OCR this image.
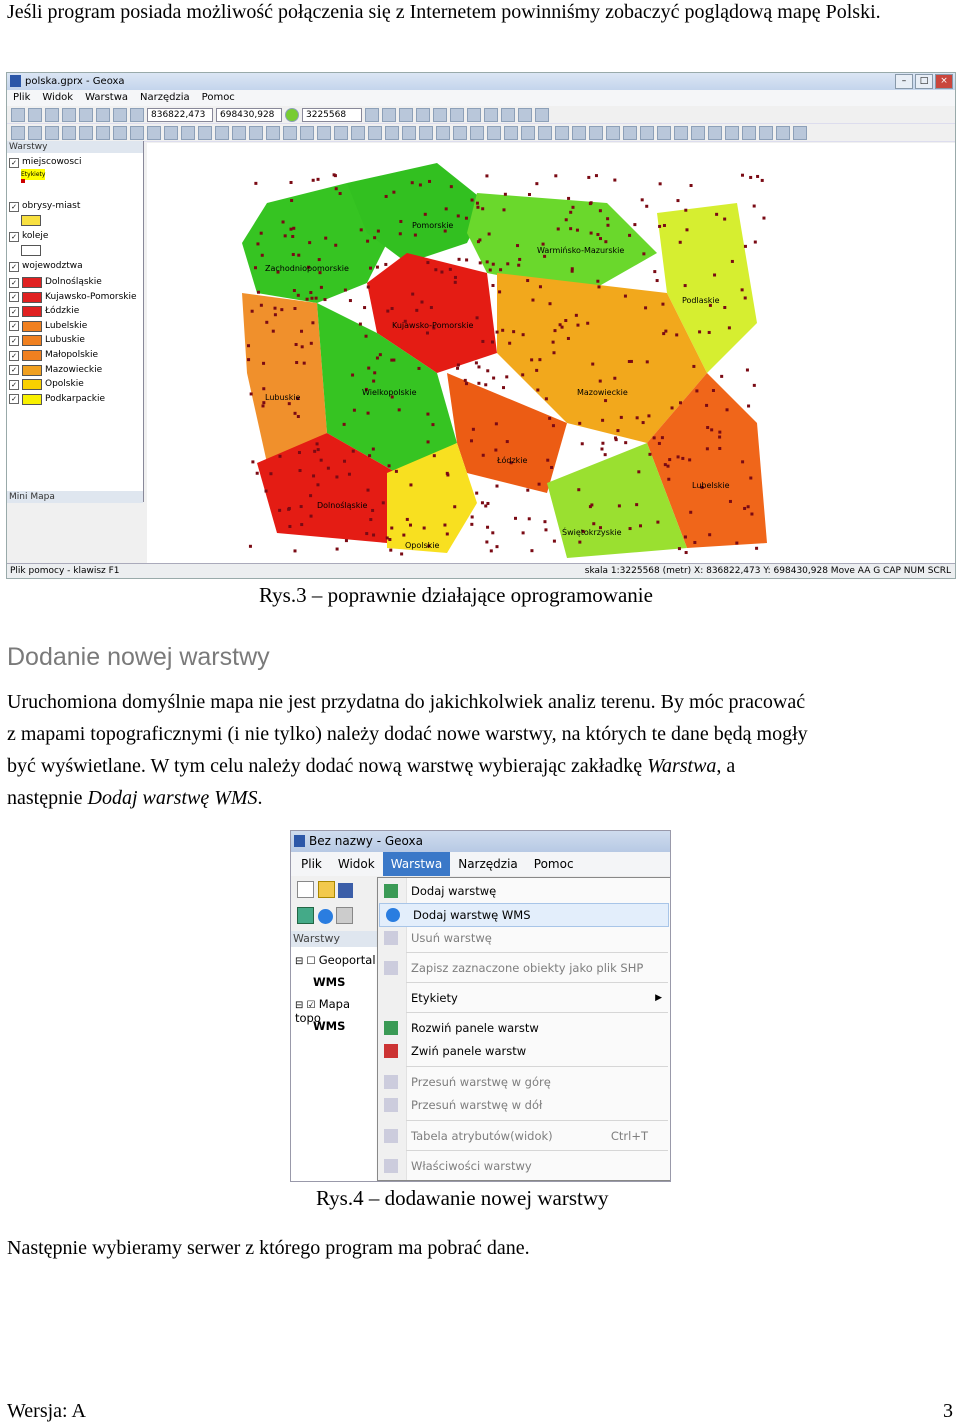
Jeśli program posiada możliwość połączenia się z Internetem powinniśmy zobaczyć poglądową mapę Polski.
polska.gprx - Geoxa	–	□	×
Plik Widok Warstwa Narzędzia Pomoc
836822,473	698430,928	3225568
Warstwy
✓ miejscowosci
Etykiety
✓ obrysy-miast
✓ koleje
✓ wojewodztwa
✓	Dolnośląskie
✓	Kujawsko-Pomorskie
✓	Łódzkie
✓	Lubelskie
✓	Lubuskie
✓	Małopolskie
✓	Mazowieckie
✓	Opolskie
✓	Podkarpackie
Mini Mapa
Pomorskie
Warmińsko-Mazurskie
Zachodniopomorskie
Podlaskie
Kujawsko-Pomorskie
Lubuskie
Wielkopolskie	Mazowieckie
Łódzkie
Lubelskie
Dolnośląskie
Opolskie
Świętokrzyskie
Plik pomocy - klawisz F1	skala 1:3225568 (metr) X: 836822,473 Y: 698430,928 Move AA G CAP NUM SCRL
Rys.3 – poprawnie działające oprogramowanie
Dodanie nowej warstwy
Uruchomiona domyślnie mapa nie jest przydatna do jakichkolwiek analiz terenu. By móc pracować
z mapami topograficznymi (i nie tylko) należy dodać nowe warstwy, na których te dane będą mogły
być wyświetlane. W tym celu należy dodać nową warstwę wybierając zakładkę Warstwa, a
następnie Dodaj warstwę WMS.
Bez nazwy - Geoxa
Plik	Widok	Warstwa	Narzędzia	Pomoc

Warstwy
⊟ ☐ Geoportal
WMS
⊟ ☑ Mapa topo
WMS
Dodaj warstwę
Dodaj warstwę WMS
Usuń warstwę
Zapisz zaznaczone obiekty jako plik SHP
Etykiety	▶
Rozwiń panele warstw
Zwiń panele warstw
Przesuń warstwę w górę
Przesuń warstwę w dół
Tabela atrybutów(widok)	Ctrl+T
Właściwości warstwy
Rys.4 – dodawanie nowej warstwy
Następnie wybieramy serwer z którego program ma pobrać dane.
Wersja: A	3
